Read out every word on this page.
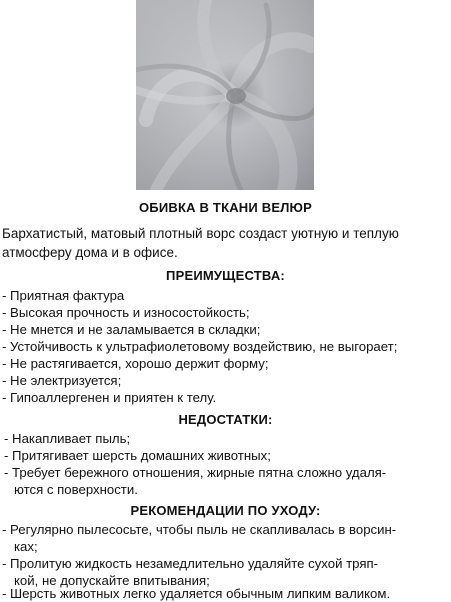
ОБИВКА В ТКАНИ ВЕЛЮР
Бархатистый, матовый плотный ворс создаст уютную и теплую
атмосферу дома и в офисе.
ПРЕИМУЩЕСТВА:
- Приятная фактура
- Высокая прочность и износостойкость;
- Не мнется и не заламывается в складки;
- Устойчивость к ультрафиолетовому воздействию, не выгорает;
- Не растягивается, хорошо держит форму;
- Не электризуется;
- Гипоаллергенен и приятен к телу.
НЕДОСТАТКИ:
- Накапливает пыль;
- Притягивает шерсть домашних животных;
- Требует бережного отношения, жирные пятна сложно удаля-
ются с поверхности.
РЕКОМЕНДАЦИИ ПО УХОДУ:
- Регулярно пылесосьте, чтобы пыль не скапливалась в ворсин-
ках;
- Пролитую жидкость незамедлительно удаляйте сухой тряп-
кой, не допускайте впитывания;
- Шерсть животных легко удаляется обычным липким валиком.
